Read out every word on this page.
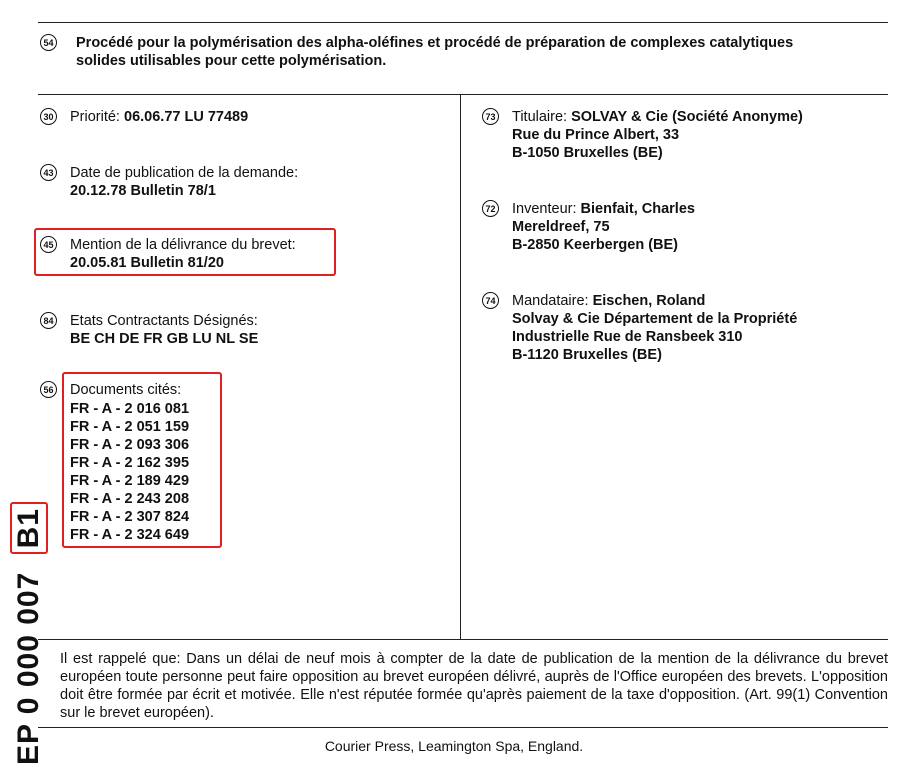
54 Procédé pour la polymérisation des alpha-oléfines et procédé de préparation de complexes catalytiques
solides utilisables pour cette polymérisation.
30 Priorité: 06.06.77 LU 77489
43 Date de publication de la demande:
20.12.78 Bulletin 78/1
45 Mention de la délivrance du brevet:
20.05.81 Bulletin 81/20
84 Etats Contractants Désignés:
BE CH DE FR GB LU NL SE
56 Documents cités:
FR - A - 2 016 081
FR - A - 2 051 159
FR - A - 2 093 306
FR - A - 2 162 395
FR - A - 2 189 429
FR - A - 2 243 208
FR - A - 2 307 824
FR - A - 2 324 649
73 Titulaire: SOLVAY & Cie (Société Anonyme)
Rue du Prince Albert, 33
B-1050 Bruxelles (BE)
72 Inventeur: Bienfait, Charles
Mereldreef, 75
B-2850 Keerbergen (BE)
74 Mandataire: Eischen, Roland
Solvay & Cie Département de la Propriété
Industrielle Rue de Ransbeek 310
B-1120 Bruxelles (BE)
EP 0 000 007 B1
Il est rappelé que: Dans un délai de neuf mois à compter de la date de publication de la mention de la délivrance du brevet européen toute personne peut faire opposition au brevet européen délivré, auprès de l'Office européen des brevets. L'opposition doit être formée par écrit et motivée. Elle n'est réputée formée qu'après paiement de la taxe d'opposition. (Art. 99(1) Convention sur le brevet européen).
Courier Press, Leamington Spa, England.
